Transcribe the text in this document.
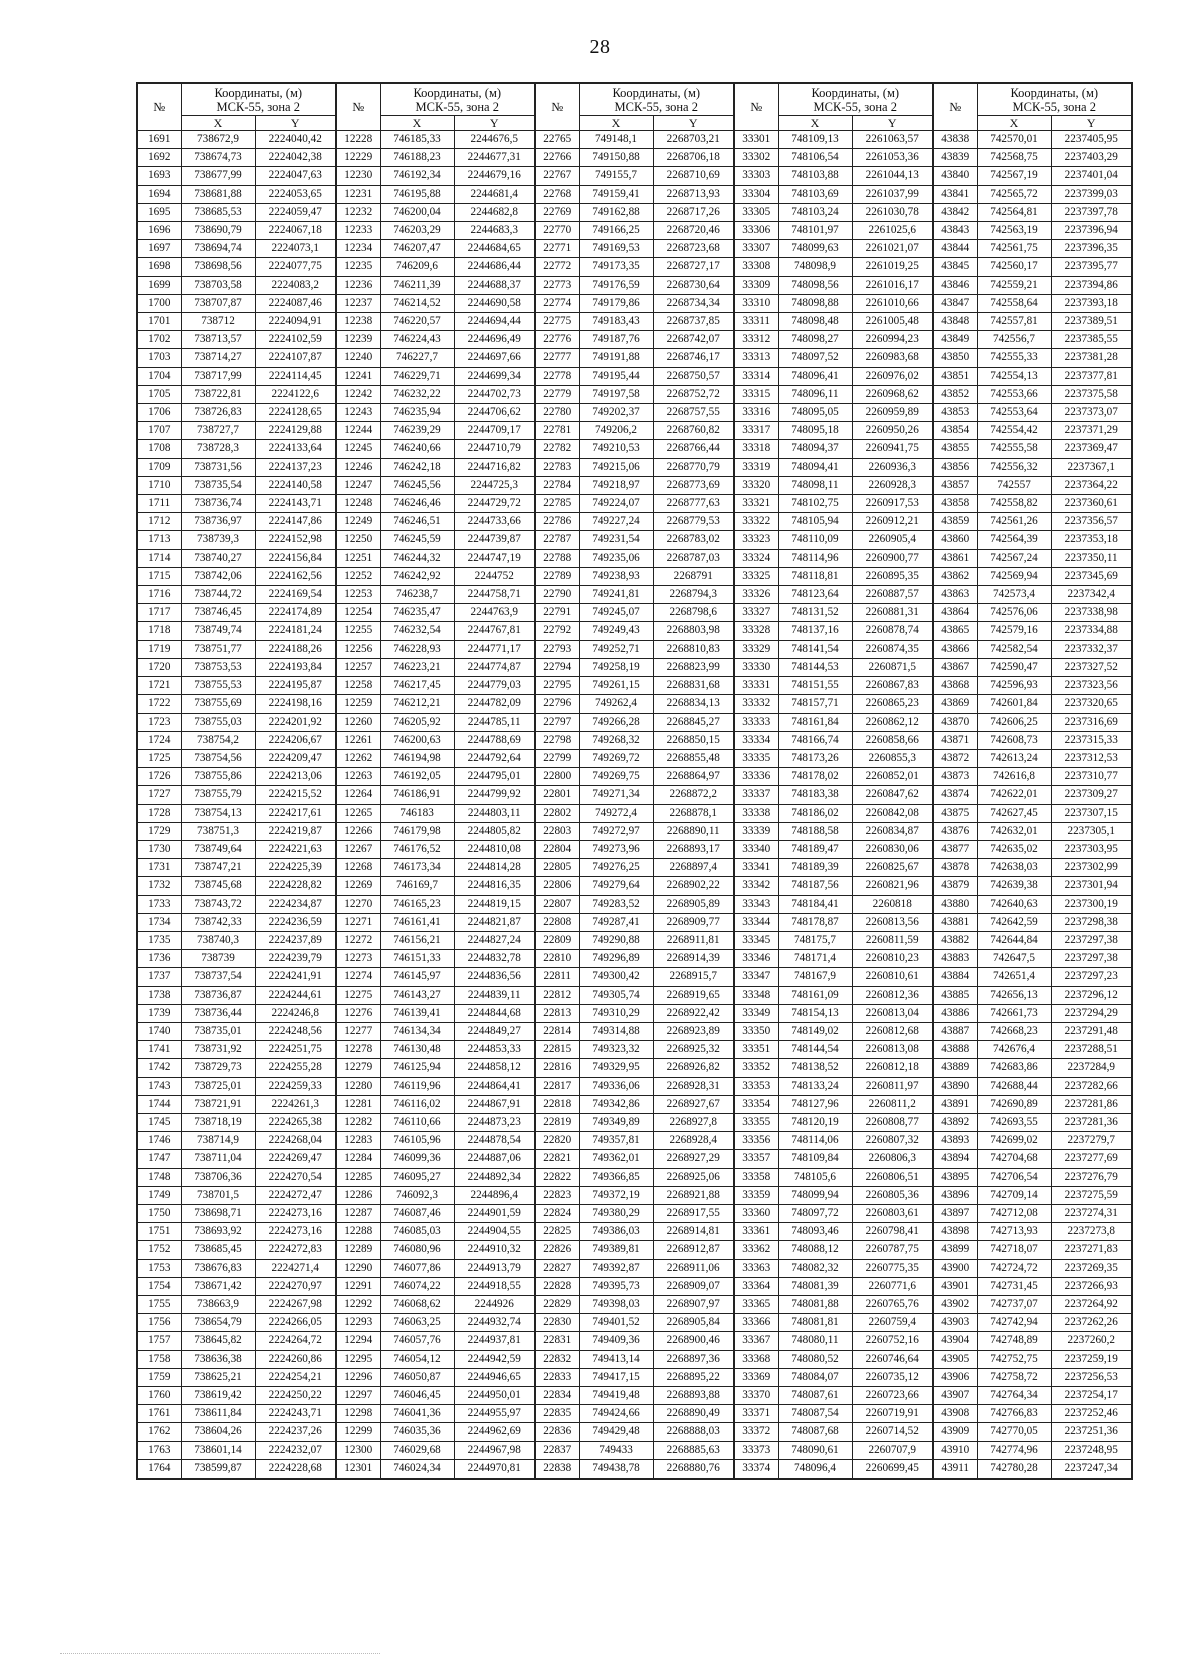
28
№	Координаты, (м)
МСК-55, зона 2		№	Координаты, (м)
МСК-55, зона 2		№	Координаты, (м)
МСК-55, зона 2		№	Координаты, (м)
МСК-55, зона 2		№	Координаты, (м)
МСК-55, зона 2	
	X	Y		X	Y		X	Y		X	Y		X	Y
1691	738672,9	2224040,42	12228	746185,33	2244676,5	22765	749148,1	2268703,21	33301	748109,13	2261063,57	43838	742570,01	2237405,95
1692	738674,73	2224042,38	12229	746188,23	2244677,31	22766	749150,88	2268706,18	33302	748106,54	2261053,36	43839	742568,75	2237403,29
1693	738677,99	2224047,63	12230	746192,34	2244679,16	22767	749155,7	2268710,69	33303	748103,88	2261044,13	43840	742567,19	2237401,04
1694	738681,88	2224053,65	12231	746195,88	2244681,4	22768	749159,41	2268713,93	33304	748103,69	2261037,99	43841	742565,72	2237399,03
1695	738685,53	2224059,47	12232	746200,04	2244682,8	22769	749162,88	2268717,26	33305	748103,24	2261030,78	43842	742564,81	2237397,78
1696	738690,79	2224067,18	12233	746203,29	2244683,3	22770	749166,25	2268720,46	33306	748101,97	2261025,6	43843	742563,19	2237396,94
1697	738694,74	2224073,1	12234	746207,47	2244684,65	22771	749169,53	2268723,68	33307	748099,63	2261021,07	43844	742561,75	2237396,35
1698	738698,56	2224077,75	12235	746209,6	2244686,44	22772	749173,35	2268727,17	33308	748098,9	2261019,25	43845	742560,17	2237395,77
1699	738703,58	2224083,2	12236	746211,39	2244688,37	22773	749176,59	2268730,64	33309	748098,56	2261016,17	43846	742559,21	2237394,86
1700	738707,87	2224087,46	12237	746214,52	2244690,58	22774	749179,86	2268734,34	33310	748098,88	2261010,66	43847	742558,64	2237393,18
1701	738712	2224094,91	12238	746220,57	2244694,44	22775	749183,43	2268737,85	33311	748098,48	2261005,48	43848	742557,81	2237389,51
1702	738713,57	2224102,59	12239	746224,43	2244696,49	22776	749187,76	2268742,07	33312	748098,27	2260994,23	43849	742556,7	2237385,55
1703	738714,27	2224107,87	12240	746227,7	2244697,66	22777	749191,88	2268746,17	33313	748097,52	2260983,68	43850	742555,33	2237381,28
1704	738717,99	2224114,45	12241	746229,71	2244699,34	22778	749195,44	2268750,57	33314	748096,41	2260976,02	43851	742554,13	2237377,81
1705	738722,81	2224122,6	12242	746232,22	2244702,73	22779	749197,58	2268752,72	33315	748096,11	2260968,62	43852	742553,66	2237375,58
1706	738726,83	2224128,65	12243	746235,94	2244706,62	22780	749202,37	2268757,55	33316	748095,05	2260959,89	43853	742553,64	2237373,07
1707	738727,7	2224129,88	12244	746239,29	2244709,17	22781	749206,2	2268760,82	33317	748095,18	2260950,26	43854	742554,42	2237371,29
1708	738728,3	2224133,64	12245	746240,66	2244710,79	22782	749210,53	2268766,44	33318	748094,37	2260941,75	43855	742555,58	2237369,47
1709	738731,56	2224137,23	12246	746242,18	2244716,82	22783	749215,06	2268770,79	33319	748094,41	2260936,3	43856	742556,32	2237367,1
1710	738735,54	2224140,58	12247	746245,56	2244725,3	22784	749218,97	2268773,69	33320	748098,11	2260928,3	43857	742557	2237364,22
1711	738736,74	2224143,71	12248	746246,46	2244729,72	22785	749224,07	2268777,63	33321	748102,75	2260917,53	43858	742558,82	2237360,61
1712	738736,97	2224147,86	12249	746246,51	2244733,66	22786	749227,24	2268779,53	33322	748105,94	2260912,21	43859	742561,26	2237356,57
1713	738739,3	2224152,98	12250	746245,59	2244739,87	22787	749231,54	2268783,02	33323	748110,09	2260905,4	43860	742564,39	2237353,18
1714	738740,27	2224156,84	12251	746244,32	2244747,19	22788	749235,06	2268787,03	33324	748114,96	2260900,77	43861	742567,24	2237350,11
1715	738742,06	2224162,56	12252	746242,92	2244752	22789	749238,93	2268791	33325	748118,81	2260895,35	43862	742569,94	2237345,69
1716	738744,72	2224169,54	12253	746238,7	2244758,71	22790	749241,81	2268794,3	33326	748123,64	2260887,57	43863	742573,4	2237342,4
1717	738746,45	2224174,89	12254	746235,47	2244763,9	22791	749245,07	2268798,6	33327	748131,52	2260881,31	43864	742576,06	2237338,98
1718	738749,74	2224181,24	12255	746232,54	2244767,81	22792	749249,43	2268803,98	33328	748137,16	2260878,74	43865	742579,16	2237334,88
1719	738751,77	2224188,26	12256	746228,93	2244771,17	22793	749252,71	2268810,83	33329	748141,54	2260874,35	43866	742582,54	2237332,37
1720	738753,53	2224193,84	12257	746223,21	2244774,87	22794	749258,19	2268823,99	33330	748144,53	2260871,5	43867	742590,47	2237327,52
1721	738755,53	2224195,87	12258	746217,45	2244779,03	22795	749261,15	2268831,68	33331	748151,55	2260867,83	43868	742596,93	2237323,56
1722	738755,69	2224198,16	12259	746212,21	2244782,09	22796	749262,4	2268834,13	33332	748157,71	2260865,23	43869	742601,84	2237320,65
1723	738755,03	2224201,92	12260	746205,92	2244785,11	22797	749266,28	2268845,27	33333	748161,84	2260862,12	43870	742606,25	2237316,69
1724	738754,2	2224206,67	12261	746200,63	2244788,69	22798	749268,32	2268850,15	33334	748166,74	2260858,66	43871	742608,73	2237315,33
1725	738754,56	2224209,47	12262	746194,98	2244792,64	22799	749269,72	2268855,48	33335	748173,26	2260855,3	43872	742613,24	2237312,53
1726	738755,86	2224213,06	12263	746192,05	2244795,01	22800	749269,75	2268864,97	33336	748178,02	2260852,01	43873	742616,8	2237310,77
1727	738755,79	2224215,52	12264	746186,91	2244799,92	22801	749271,34	2268872,2	33337	748183,38	2260847,62	43874	742622,01	2237309,27
1728	738754,13	2224217,61	12265	746183	2244803,11	22802	749272,4	2268878,1	33338	748186,02	2260842,08	43875	742627,45	2237307,15
1729	738751,3	2224219,87	12266	746179,98	2244805,82	22803	749272,97	2268890,11	33339	748188,58	2260834,87	43876	742632,01	2237305,1
1730	738749,64	2224221,63	12267	746176,52	2244810,08	22804	749273,96	2268893,17	33340	748189,47	2260830,06	43877	742635,02	2237303,95
1731	738747,21	2224225,39	12268	746173,34	2244814,28	22805	749276,25	2268897,4	33341	748189,39	2260825,67	43878	742638,03	2237302,99
1732	738745,68	2224228,82	12269	746169,7	2244816,35	22806	749279,64	2268902,22	33342	748187,56	2260821,96	43879	742639,38	2237301,94
1733	738743,72	2224234,87	12270	746165,23	2244819,15	22807	749283,52	2268905,89	33343	748184,41	2260818	43880	742640,63	2237300,19
1734	738742,33	2224236,59	12271	746161,41	2244821,87	22808	749287,41	2268909,77	33344	748178,87	2260813,56	43881	742642,59	2237298,38
1735	738740,3	2224237,89	12272	746156,21	2244827,24	22809	749290,88	2268911,81	33345	748175,7	2260811,59	43882	742644,84	2237297,38
1736	738739	2224239,79	12273	746151,33	2244832,78	22810	749296,89	2268914,39	33346	748171,4	2260810,23	43883	742647,5	2237297,38
1737	738737,54	2224241,91	12274	746145,97	2244836,56	22811	749300,42	2268915,7	33347	748167,9	2260810,61	43884	742651,4	2237297,23
1738	738736,87	2224244,61	12275	746143,27	2244839,11	22812	749305,74	2268919,65	33348	748161,09	2260812,36	43885	742656,13	2237296,12
1739	738736,44	2224246,8	12276	746139,41	2244844,68	22813	749310,29	2268922,42	33349	748154,13	2260813,04	43886	742661,73	2237294,29
1740	738735,01	2224248,56	12277	746134,34	2244849,27	22814	749314,88	2268923,89	33350	748149,02	2260812,68	43887	742668,23	2237291,48
1741	738731,92	2224251,75	12278	746130,48	2244853,33	22815	749323,32	2268925,32	33351	748144,54	2260813,08	43888	742676,4	2237288,51
1742	738729,73	2224255,28	12279	746125,94	2244858,12	22816	749329,95	2268926,82	33352	748138,52	2260812,18	43889	742683,86	2237284,9
1743	738725,01	2224259,33	12280	746119,96	2244864,41	22817	749336,06	2268928,31	33353	748133,24	2260811,97	43890	742688,44	2237282,66
1744	738721,91	2224261,3	12281	746116,02	2244867,91	22818	749342,86	2268927,67	33354	748127,96	2260811,2	43891	742690,89	2237281,86
1745	738718,19	2224265,38	12282	746110,66	2244873,23	22819	749349,89	2268927,8	33355	748120,19	2260808,77	43892	742693,55	2237281,36
1746	738714,9	2224268,04	12283	746105,96	2244878,54	22820	749357,81	2268928,4	33356	748114,06	2260807,32	43893	742699,02	2237279,7
1747	738711,04	2224269,47	12284	746099,36	2244887,06	22821	749362,01	2268927,29	33357	748109,84	2260806,3	43894	742704,68	2237277,69
1748	738706,36	2224270,54	12285	746095,27	2244892,34	22822	749366,85	2268925,06	33358	748105,6	2260806,51	43895	742706,54	2237276,79
1749	738701,5	2224272,47	12286	746092,3	2244896,4	22823	749372,19	2268921,88	33359	748099,94	2260805,36	43896	742709,14	2237275,59
1750	738698,71	2224273,16	12287	746087,46	2244901,59	22824	749380,29	2268917,55	33360	748097,72	2260803,61	43897	742712,08	2237274,31
1751	738693,92	2224273,16	12288	746085,03	2244904,55	22825	749386,03	2268914,81	33361	748093,46	2260798,41	43898	742713,93	2237273,8
1752	738685,45	2224272,83	12289	746080,96	2244910,32	22826	749389,81	2268912,87	33362	748088,12	2260787,75	43899	742718,07	2237271,83
1753	738676,83	2224271,4	12290	746077,86	2244913,79	22827	749392,87	2268911,06	33363	748082,32	2260775,35	43900	742724,72	2237269,35
1754	738671,42	2224270,97	12291	746074,22	2244918,55	22828	749395,73	2268909,07	33364	748081,39	2260771,6	43901	742731,45	2237266,93
1755	738663,9	2224267,98	12292	746068,62	2244926	22829	749398,03	2268907,97	33365	748081,88	2260765,76	43902	742737,07	2237264,92
1756	738654,79	2224266,05	12293	746063,25	2244932,74	22830	749401,52	2268905,84	33366	748081,81	2260759,4	43903	742742,94	2237262,26
1757	738645,82	2224264,72	12294	746057,76	2244937,81	22831	749409,36	2268900,46	33367	748080,11	2260752,16	43904	742748,89	2237260,2
1758	738636,38	2224260,86	12295	746054,12	2244942,59	22832	749413,14	2268897,36	33368	748080,52	2260746,64	43905	742752,75	2237259,19
1759	738625,21	2224254,21	12296	746050,87	2244946,65	22833	749417,15	2268895,22	33369	748084,07	2260735,12	43906	742758,72	2237256,53
1760	738619,42	2224250,22	12297	746046,45	2244950,01	22834	749419,48	2268893,88	33370	748087,61	2260723,66	43907	742764,34	2237254,17
1761	738611,84	2224243,71	12298	746041,36	2244955,97	22835	749424,66	2268890,49	33371	748087,54	2260719,91	43908	742766,83	2237252,46
1762	738604,26	2224237,26	12299	746035,36	2244962,69	22836	749429,48	2268888,03	33372	748087,68	2260714,52	43909	742770,05	2237251,36
1763	738601,14	2224232,07	12300	746029,68	2244967,98	22837	749433	2268885,63	33373	748090,61	2260707,9	43910	742774,96	2237248,95
1764	738599,87	2224228,68	12301	746024,34	2244970,81	22838	749438,78	2268880,76	33374	748096,4	2260699,45	43911	742780,28	2237247,34
